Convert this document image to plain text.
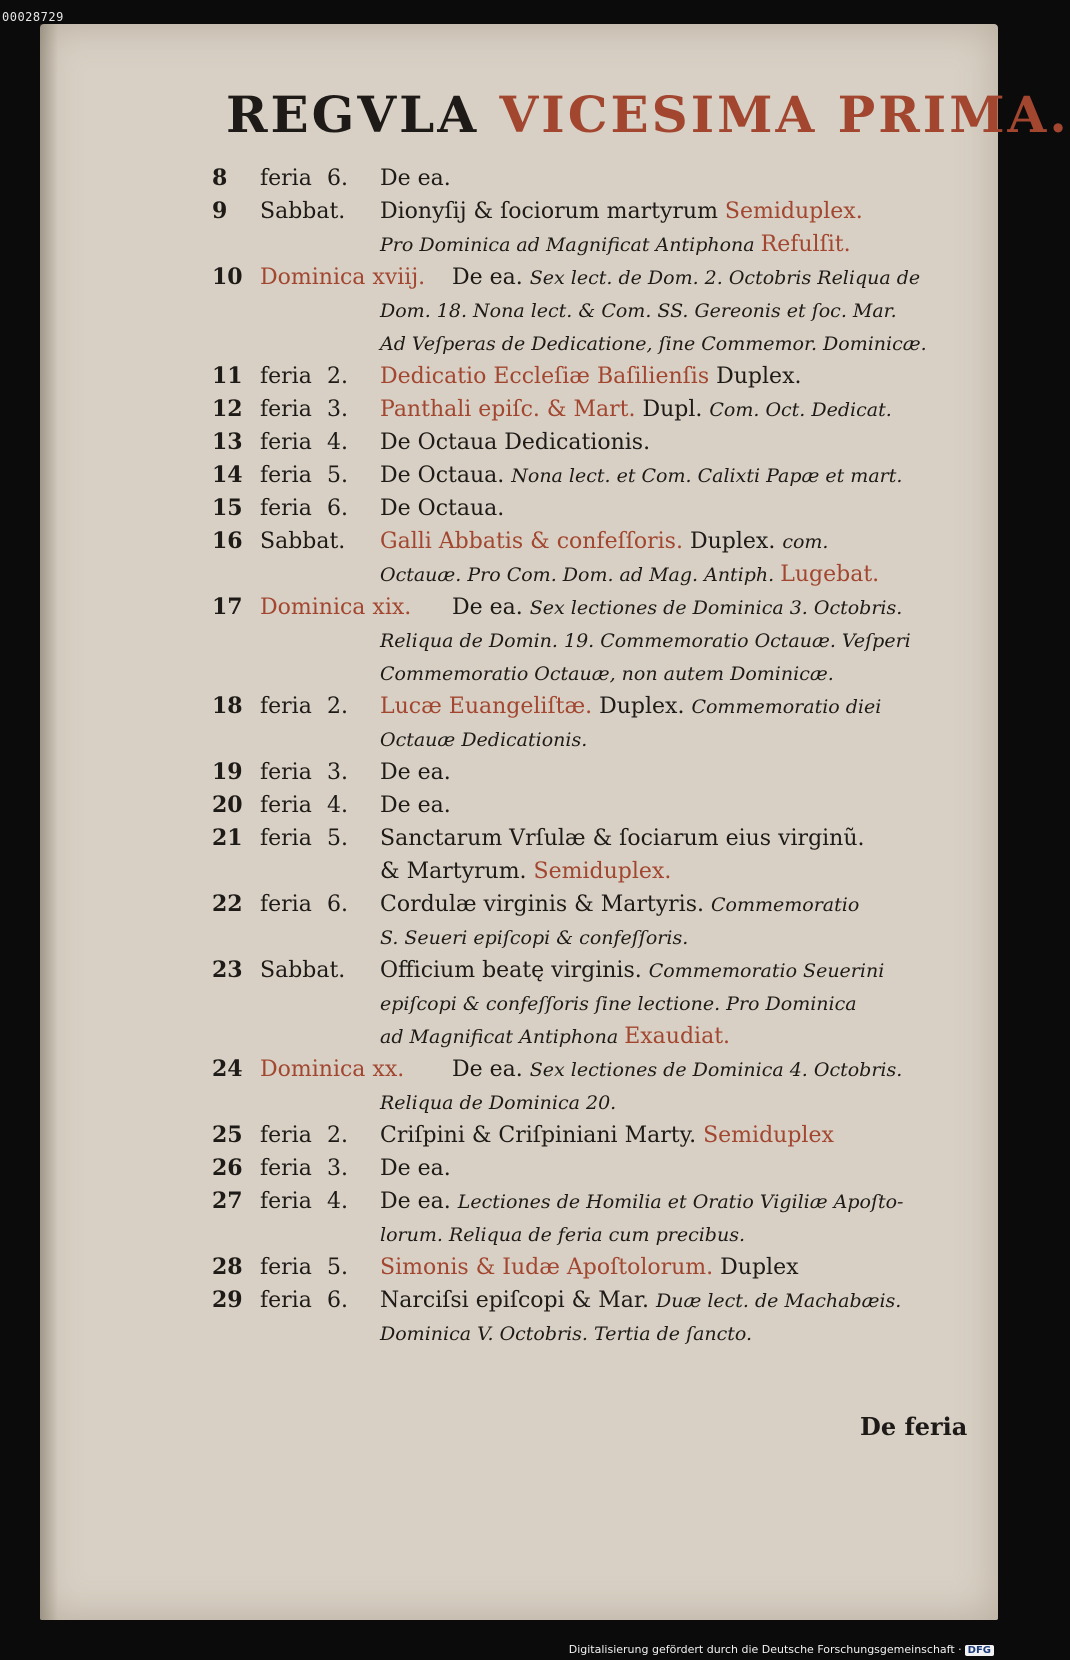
00028729
REGVLA VICESIMA PRIMA.
8	feria 6. De ea.
9	Sabbat. Dionyſij & ſociorum martyrum Semiduplex.
Pro Dominica ad Magnificat Antiphona Refulſit.
10 Dominica xviij. De ea. Sex lect. de Dom. 2. Octobris Reliqua de
Dom. 18. Nona lect. & Com. SS. Gereonis et ſoc. Mar.
Ad Veſperas de Dedicatione, ſine Commemor. Dominicæ.
11 feria 2. Dedicatio Eccleſiæ Baſilienſis Duplex.
12 feria 3. Panthali epiſc. & Mart. Dupl. Com. Oct. Dedicat.
13 feria 4. De Octaua Dedicationis.
14 feria 5. De Octaua. Nona lect. et Com. Calixti Papæ et mart.
15 feria 6. De Octaua.
16 Sabbat. Galli Abbatis & confeſſoris. Duplex. com.
Octauæ. Pro Com. Dom. ad Mag. Antiph. Lugebat.
17 Dominica xix. De ea. Sex lectiones de Dominica 3. Octobris.
Reliqua de Domin. 19. Commemoratio Octauæ. Veſperi
Commemoratio Octauæ, non autem Dominicæ.
18 feria 2. Lucæ Euangeliſtæ. Duplex. Commemoratio diei
Octauæ Dedicationis.
19 feria 3. De ea.
20 feria 4. De ea.
21 feria 5. Sanctarum Vrſulæ & ſociarum eius virginũ.
& Martyrum. Semiduplex.
22 feria 6. Cordulæ virginis & Martyris. Commemoratio
S. Seueri epiſcopi & confeſſoris.
23 Sabbat. Officium beatę virginis. Commemoratio Seuerini
epiſcopi & confeſſoris ſine lectione. Pro Dominica
ad Magnificat Antiphona Exaudiat.
24 Dominica xx. De ea. Sex lectiones de Dominica 4. Octobris.
Reliqua de Dominica 20.
25 feria 2. Criſpini & Criſpiniani Marty. Semiduplex
26 feria 3. De ea.
27 feria 4. De ea. Lectiones de Homilia et Oratio Vigiliæ Apoſto-
lorum. Reliqua de feria cum precibus.
28 feria 5. Simonis & Iudæ Apoſtolorum. Duplex
29 feria 6. Narciſsi epiſcopi & Mar. Duæ lect. de Machabæis.
Dominica V. Octobris. Tertia de ſancto.
De feria
Digitalisierung gefördert durch die Deutsche Forschungsgemeinschaft · DFG
